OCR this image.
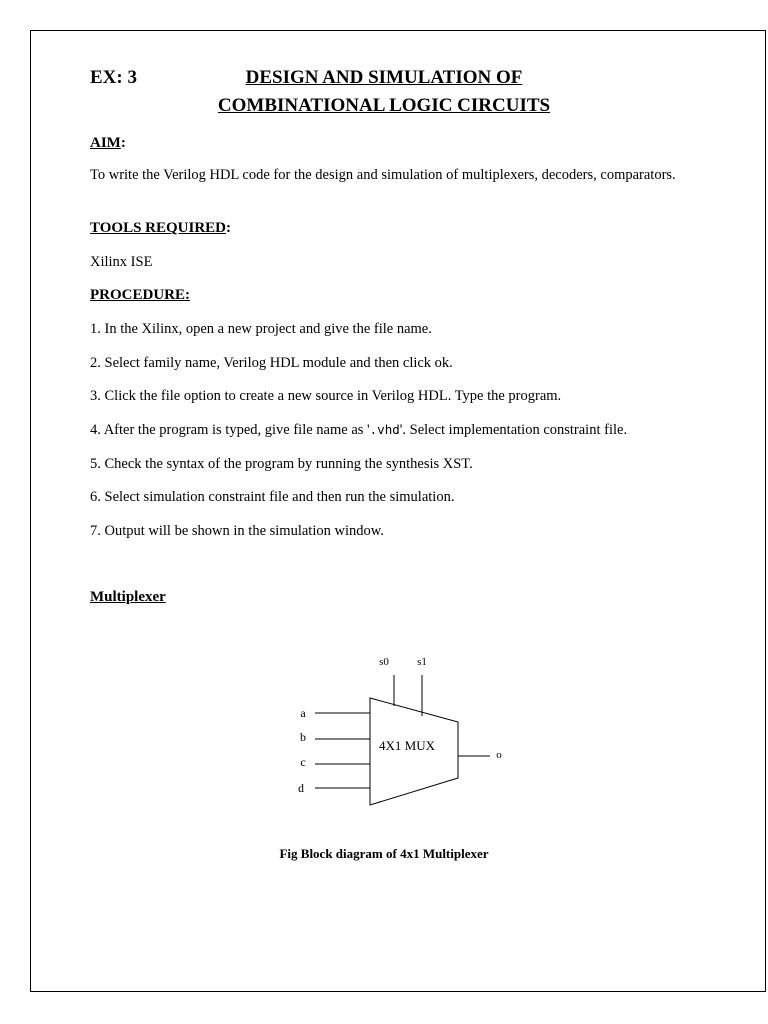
EX: 3	DESIGN AND SIMULATION OF
COMBINATIONAL LOGIC CIRCUITS
AIM:
To write the Verilog HDL code for the design and simulation of multiplexers, decoders, comparators.
TOOLS REQUIRED:
Xilinx ISE
PROCEDURE:
1. In the Xilinx, open a new project and give the file name.
2. Select family name, Verilog HDL module and then click ok.
3. Click the file option to create a new source in Verilog HDL. Type the program.
4. After the program is typed, give file name as '.vhd'. Select implementation constraint file.
5. Check the syntax of the program by running the synthesis XST.
6. Select simulation constraint file and then run the simulation.
7. Output will be shown in the simulation window.
Multiplexer
s0	s1
4X1 MUX
a
b
c
d
o
Fig Block diagram of 4x1 Multiplexer
